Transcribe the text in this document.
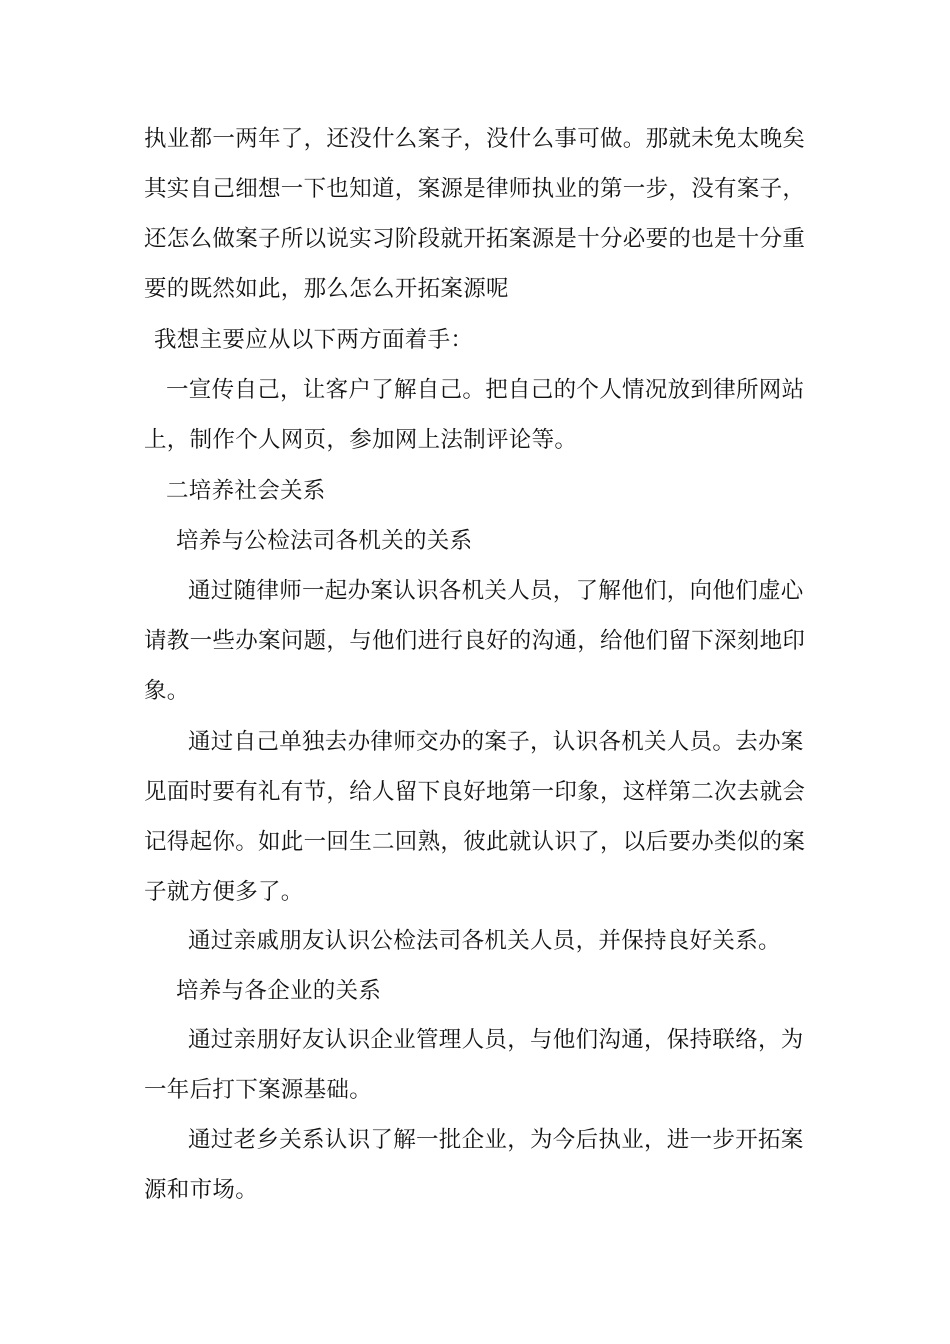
执业都一两年了，还没什么案子，没什么事可做。那就未免太晚矣
其实自己细想一下也知道，案源是律师执业的第一步，没有案子，
还怎么做案子所以说实习阶段就开拓案源是十分必要的也是十分重
要的既然如此，那么怎么开拓案源呢
我想主要应从以下两方面着手：
一宣传自己，让客户了解自己。把自己的个人情况放到律所网站
上，制作个人网页，参加网上法制评论等。
二培养社会关系
培养与公检法司各机关的关系
通过随律师一起办案认识各机关人员，了解他们，向他们虚心
请教一些办案问题，与他们进行良好的沟通，给他们留下深刻地印
象。
通过自己单独去办律师交办的案子，认识各机关人员。去办案
见面时要有礼有节，给人留下良好地第一印象，这样第二次去就会
记得起你。如此一回生二回熟，彼此就认识了，以后要办类似的案
子就方便多了。
通过亲戚朋友认识公检法司各机关人员，并保持良好关系。
培养与各企业的关系
通过亲朋好友认识企业管理人员，与他们沟通，保持联络，为
一年后打下案源基础。
通过老乡关系认识了解一批企业，为今后执业，进一步开拓案
源和市场。
